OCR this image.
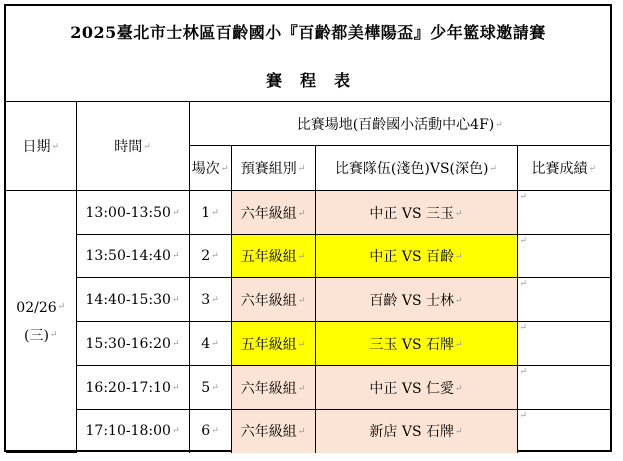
2025臺北市士林區百齡國小『百齡都美樺陽盃』少年籃球邀請賽
賽 程 表
日期↵	時間↵	比賽場地(百齡國小活動中心4F)↵			
		場次↵	預賽組別↵	比賽隊伍(淺色)VS(深色)↵	比賽成績↵

02/26↵
(三)↵	13:00-13:50↵	1↵	六年級組↵	中正 VS 三玉↵	↵

	13:50-14:40↵	2↵	五年級組↵	中正 VS 百齡↵	↵

	14:40-15:30↵	3↵	六年級組↵	百齡 VS 士林↵	↵

	15:30-16:20↵	4↵	五年級組↵	三玉 VS 石牌↵	↵

	16:20-17:10↵	5↵	六年級組↵	中正 VS 仁愛↵	↵

	17:10-18:00↵	6↵	六年級組↵	新店 VS 石牌↵	↵
